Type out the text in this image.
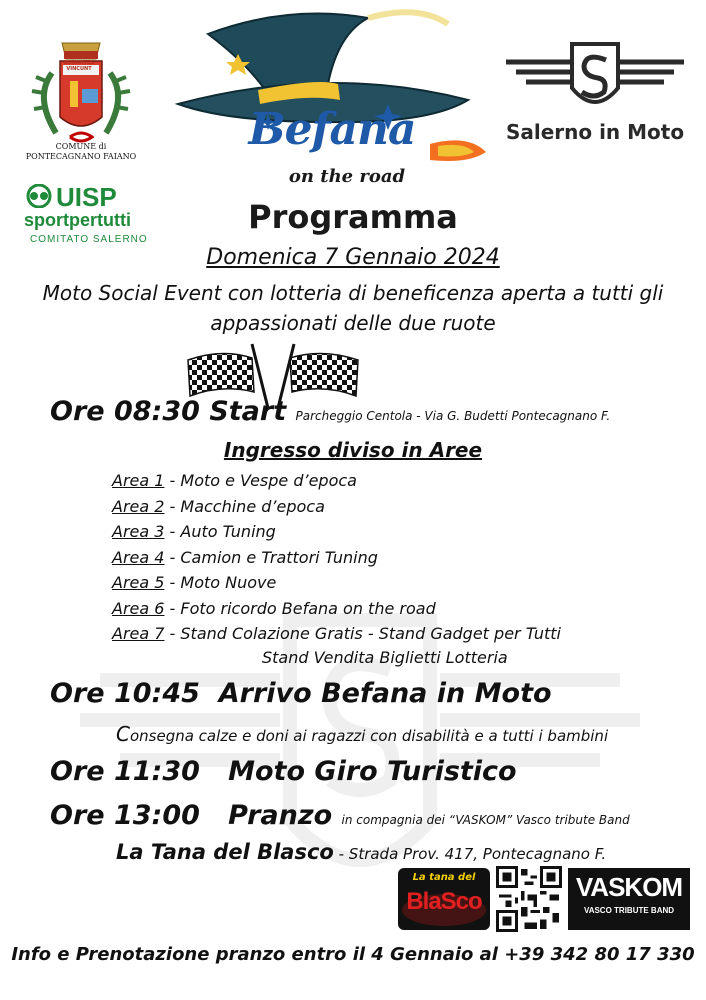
COMUNE di PONTECAGNANO FAIANO
DURANTES VINCUNT
UISP
sportpertutti
COMITATO SALERNO
Befana
on the road
Salerno in Moto
Programma
Domenica 7 Gennaio 2024
Moto Social Event con lotteria di beneficenza aperta a tutti gli appassionati delle due ruote
Ore 08:30 Start Parcheggio Centola - Via G. Budetti Pontecagnano F.
Ingresso diviso in Aree
Area 1 - Moto e Vespe d’epoca
Area 2 - Macchine d’epoca
Area 3 - Auto Tuning
Area 4 - Camion e Trattori Tuning
Area 5 - Moto Nuove
Area 6 - Foto ricordo Befana on the road
Area 7 - Stand Colazione Gratis - Stand Gadget per Tutti
Stand Vendita Biglietti Lotteria
Ore 10:45 Arrivo Befana in Moto
Consegna calze e doni ai ragazzi con disabilità e a tutti i bambini
Ore 11:30 Moto Giro Turistico
Ore 13:00 Pranzo in compagnia dei “VASKOM” Vasco tribute Band
La Tana del Blasco - Strada Prov. 417, Pontecagnano F.
La tana del
BlaSco	VASKOM
VASCO TRIBUTE BAND
Info e Prenotazione pranzo entro il 4 Gennaio al +39 342 80 17 330
